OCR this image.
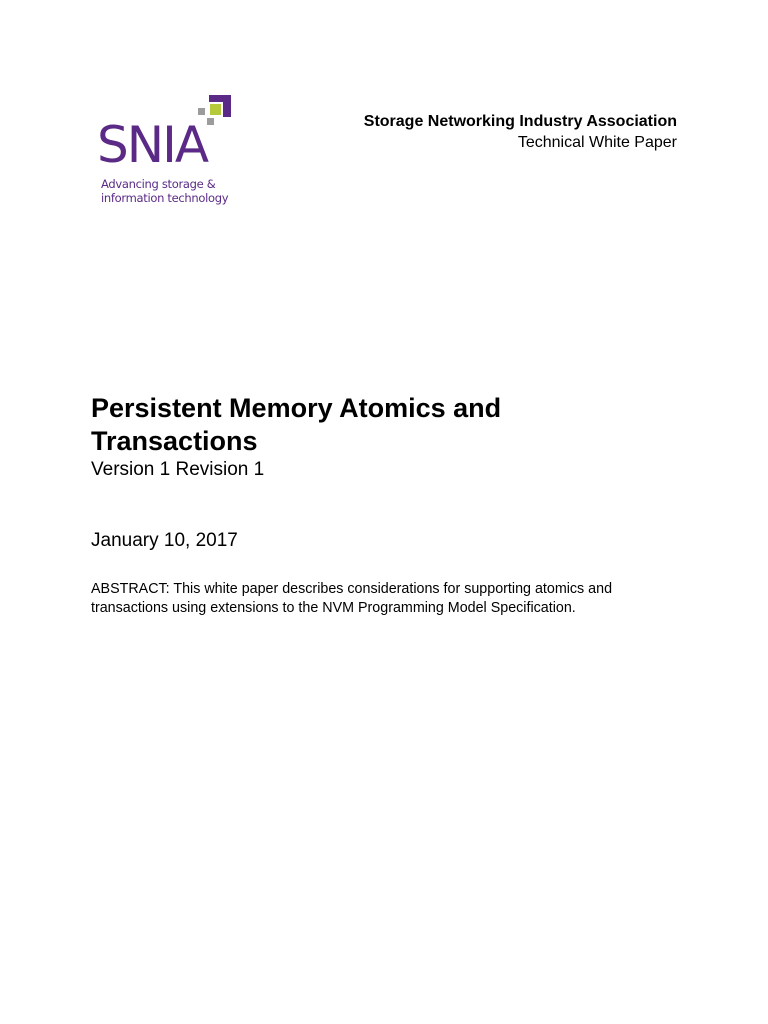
SNIA
Advancing storage &
information technology
Storage Networking Industry Association
Technical White Paper
Persistent Memory Atomics and
Transactions
Version 1 Revision 1
January 10, 2017
ABSTRACT: This white paper describes considerations for supporting atomics and
transactions using extensions to the NVM Programming Model Specification.
